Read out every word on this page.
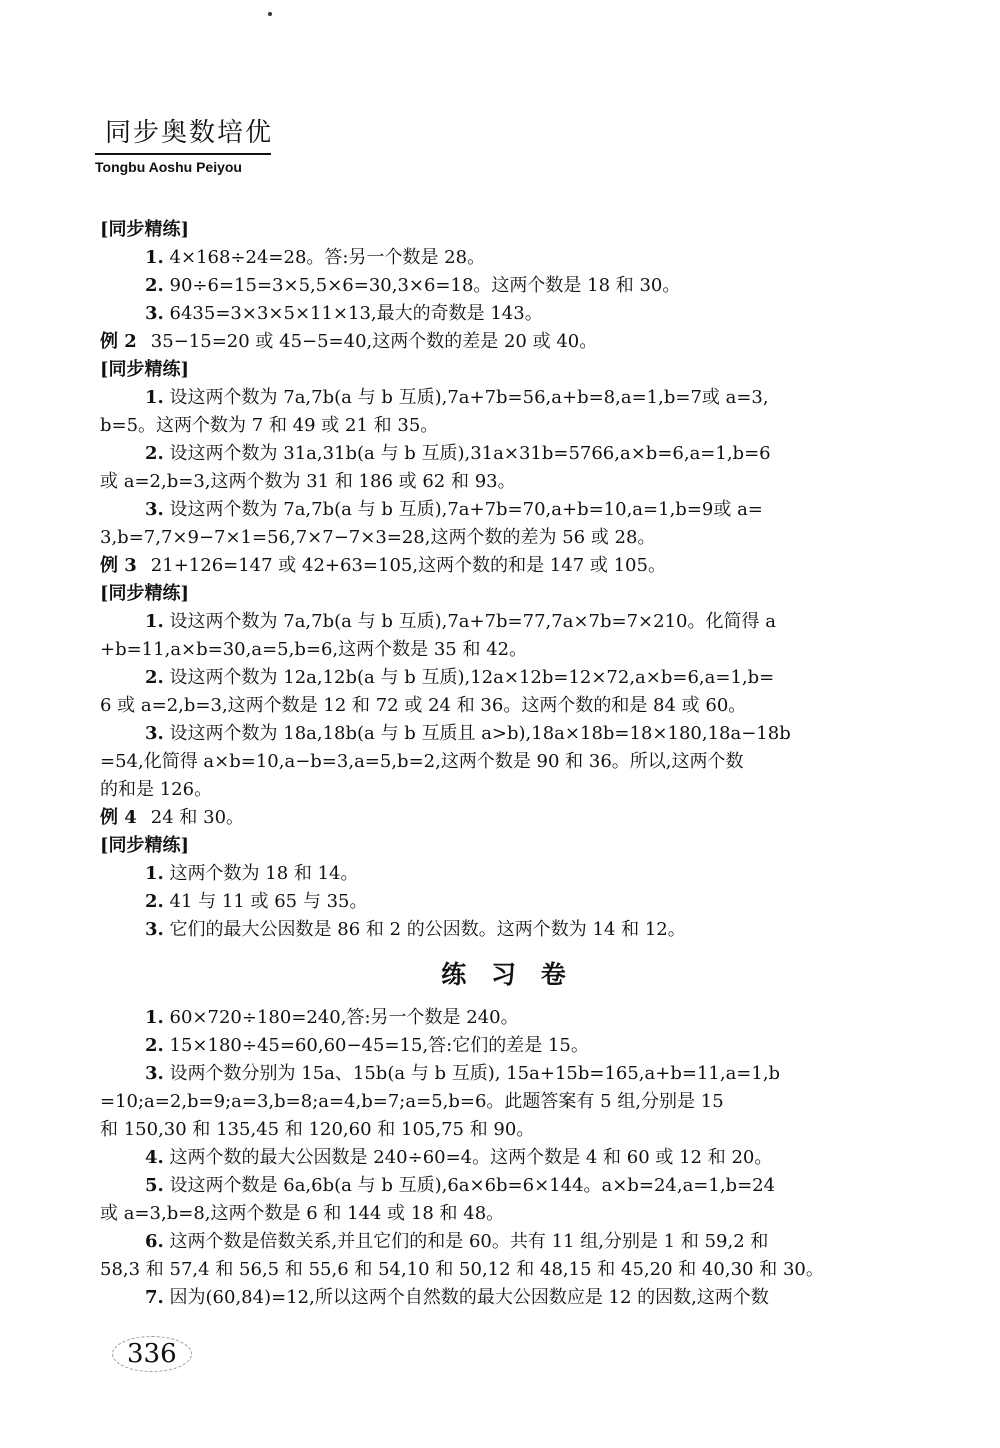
同步奥数培优
Tongbu Aoshu Peiyou
[同步精练]
1. 4×168÷24=28。答:另一个数是 28。
2. 90÷6=15=3×5,5×6=30,3×6=18。这两个数是 18 和 30。
3. 6435=3×3×5×11×13,最大的奇数是 143。
例 2 35−15=20 或 45−5=40,这两个数的差是 20 或 40。
[同步精练]
1. 设这两个数为 7a,7b(a 与 b 互质),7a+7b=56,a+b=8,a=1,b=7或 a=3,
b=5。这两个数为 7 和 49 或 21 和 35。
2. 设这两个数为 31a,31b(a 与 b 互质),31a×31b=5766,a×b=6,a=1,b=6
或 a=2,b=3,这两个数为 31 和 186 或 62 和 93。
3. 设这两个数为 7a,7b(a 与 b 互质),7a+7b=70,a+b=10,a=1,b=9或 a=
3,b=7,7×9−7×1=56,7×7−7×3=28,这两个数的差为 56 或 28。
例 3 21+126=147 或 42+63=105,这两个数的和是 147 或 105。
[同步精练]
1. 设这两个数为 7a,7b(a 与 b 互质),7a+7b=77,7a×7b=7×210。化简得 a
+b=11,a×b=30,a=5,b=6,这两个数是 35 和 42。
2. 设这两个数为 12a,12b(a 与 b 互质),12a×12b=12×72,a×b=6,a=1,b=
6 或 a=2,b=3,这两个数是 12 和 72 或 24 和 36。这两个数的和是 84 或 60。
3. 设这两个数为 18a,18b(a 与 b 互质且 a>b),18a×18b=18×180,18a−18b
=54,化简得 a×b=10,a−b=3,a=5,b=2,这两个数是 90 和 36。所以,这两个数
的和是 126。
例 4 24 和 30。
[同步精练]
1. 这两个数为 18 和 14。
2. 41 与 11 或 65 与 35。
3. 它们的最大公因数是 86 和 2 的公因数。这两个数为 14 和 12。
练 习 卷
1. 60×720÷180=240,答:另一个数是 240。
2. 15×180÷45=60,60−45=15,答:它们的差是 15。
3. 设两个数分别为 15a、15b(a 与 b 互质), 15a+15b=165,a+b=11,a=1,b
=10;a=2,b=9;a=3,b=8;a=4,b=7;a=5,b=6。此题答案有 5 组,分别是 15
和 150,30 和 135,45 和 120,60 和 105,75 和 90。
4. 这两个数的最大公因数是 240÷60=4。这两个数是 4 和 60 或 12 和 20。
5. 设这两个数是 6a,6b(a 与 b 互质),6a×6b=6×144。a×b=24,a=1,b=24
或 a=3,b=8,这两个数是 6 和 144 或 18 和 48。
6. 这两个数是倍数关系,并且它们的和是 60。共有 11 组,分别是 1 和 59,2 和
58,3 和 57,4 和 56,5 和 55,6 和 54,10 和 50,12 和 48,15 和 45,20 和 40,30 和 30。
7. 因为(60,84)=12,所以这两个自然数的最大公因数应是 12 的因数,这两个数
336
